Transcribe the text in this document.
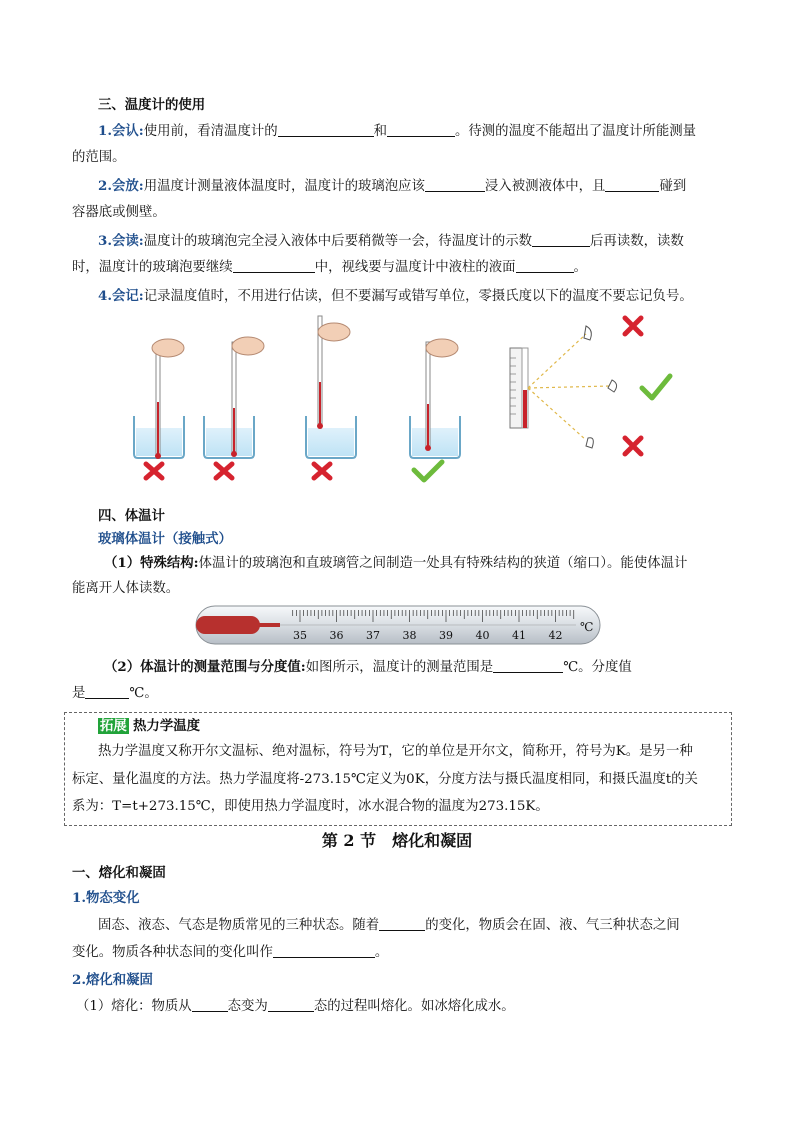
三、温度计的使用
1.会认:使用前，看清温度计的	和	。待测的温度不能超出了温度计所能测量
的范围。
2.会放:用温度计测量液体温度时，温度计的玻璃泡应该	浸入被测液体中，且	碰到
容器底或侧壁。
3.会读:温度计的玻璃泡完全浸入液体中后要稍微等一会，待温度计的示数	后再读数，读数
时，温度计的玻璃泡要继续	中，视线要与温度计中液柱的液面	。
4.会记:记录温度值时，不用进行估读，但不要漏写或错写单位，零摄氏度以下的温度不要忘记负号。
四、体温计
玻璃体温计（接触式）
（1）特殊结构:体温计的玻璃泡和直玻璃管之间制造一处具有特殊结构的狭道（缩口）。能使体温计
能离开人体读数。
35 36 37 38 39 40 41 42
℃
（2）体温计的测量范围与分度值:如图所示，温度计的测量范围是	℃。分度值
是	℃。
拓展 热力学温度
热力学温度又称开尔文温标、绝对温标，符号为T，它的单位是开尔文，简称开，符号为K。是另一种
标定、量化温度的方法。热力学温度将-273.15℃定义为0K，分度方法与摄氏温度相同，和摄氏温度t的关
系为：T=t+273.15℃，即使用热力学温度时，冰水混合物的温度为273.15K。
第 2 节　熔化和凝固
一、熔化和凝固
1.物态变化
固态、液态、气态是物质常见的三种状态。随着	的变化，物质会在固、液、气三种状态之间
变化。物质各种状态间的变化叫作	。
2.熔化和凝固
（1）熔化：物质从	态变为	态的过程叫熔化。如冰熔化成水。
